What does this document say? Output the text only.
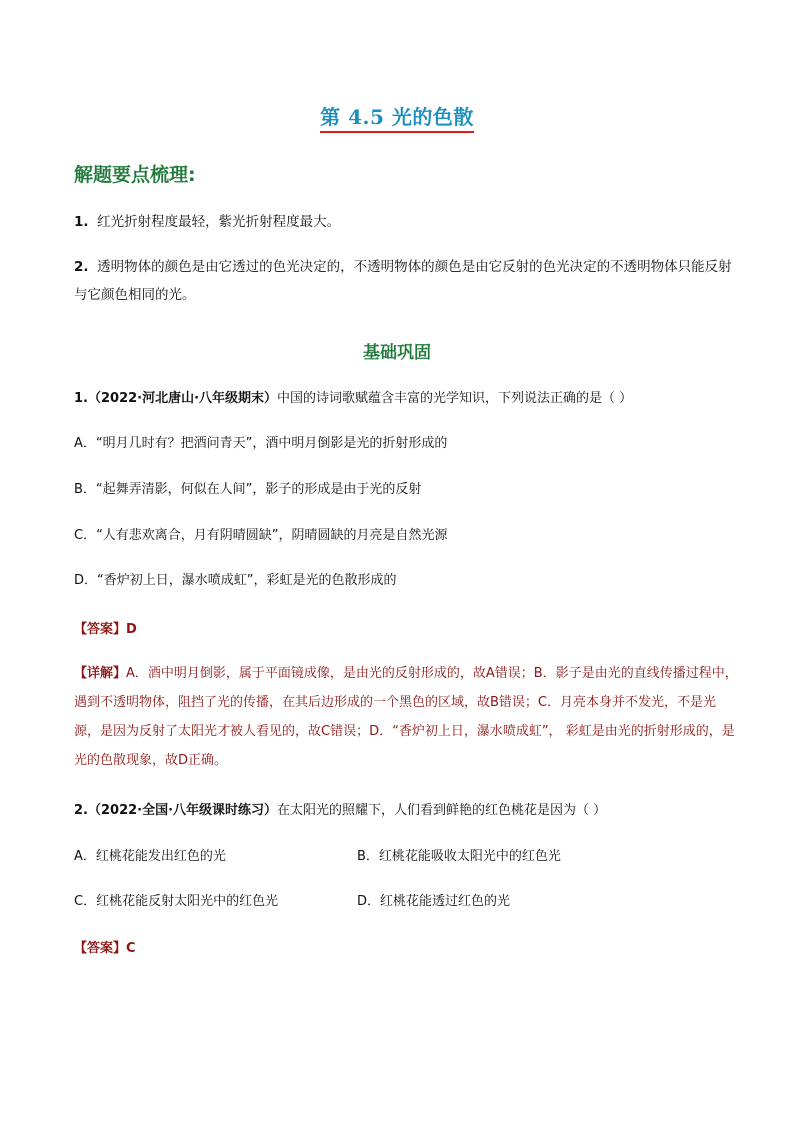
第 4.5 光的色散
解题要点梳理:
1. 红光折射程度最轻，紫光折射程度最大。
2. 透明物体的颜色是由它透过的色光决定的，不透明物体的颜色是由它反射的色光决定的不透明物体只能反射与它颜色相同的光。
基础巩固
1.（2022·河北唐山·八年级期末）中国的诗词歌赋蕴含丰富的光学知识，下列说法正确的是（ ）
A．“明月几时有？把酒问青天”，酒中明月倒影是光的折射形成的
B．“起舞弄清影，何似在人间”，影子的形成是由于光的反射
C．“人有悲欢离合，月有阴晴圆缺”，阴晴圆缺的月亮是自然光源
D．“香炉初上日，瀑水喷成虹”，彩虹是光的色散形成的
【答案】D
【详解】A．酒中明月倒影，属于平面镜成像，是由光的反射形成的，故A错误；B．影子是由光的直线传播过程中，遇到不透明物体，阻挡了光的传播，在其后边形成的一个黑色的区域，故B错误；C．月亮本身并不发光，不是光源，是因为反射了太阳光才被人看见的，故C错误；D．“香炉初上日，瀑水喷成虹”， 彩虹是由光的折射形成的，是光的色散现象，故D正确。
2.（2022·全国·八年级课时练习）在太阳光的照耀下，人们看到鲜艳的红色桃花是因为（ ）
A．红桃花能发出红色的光	B．红桃花能吸收太阳光中的红色光
C．红桃花能反射太阳光中的红色光	D．红桃花能透过红色的光
【答案】C
